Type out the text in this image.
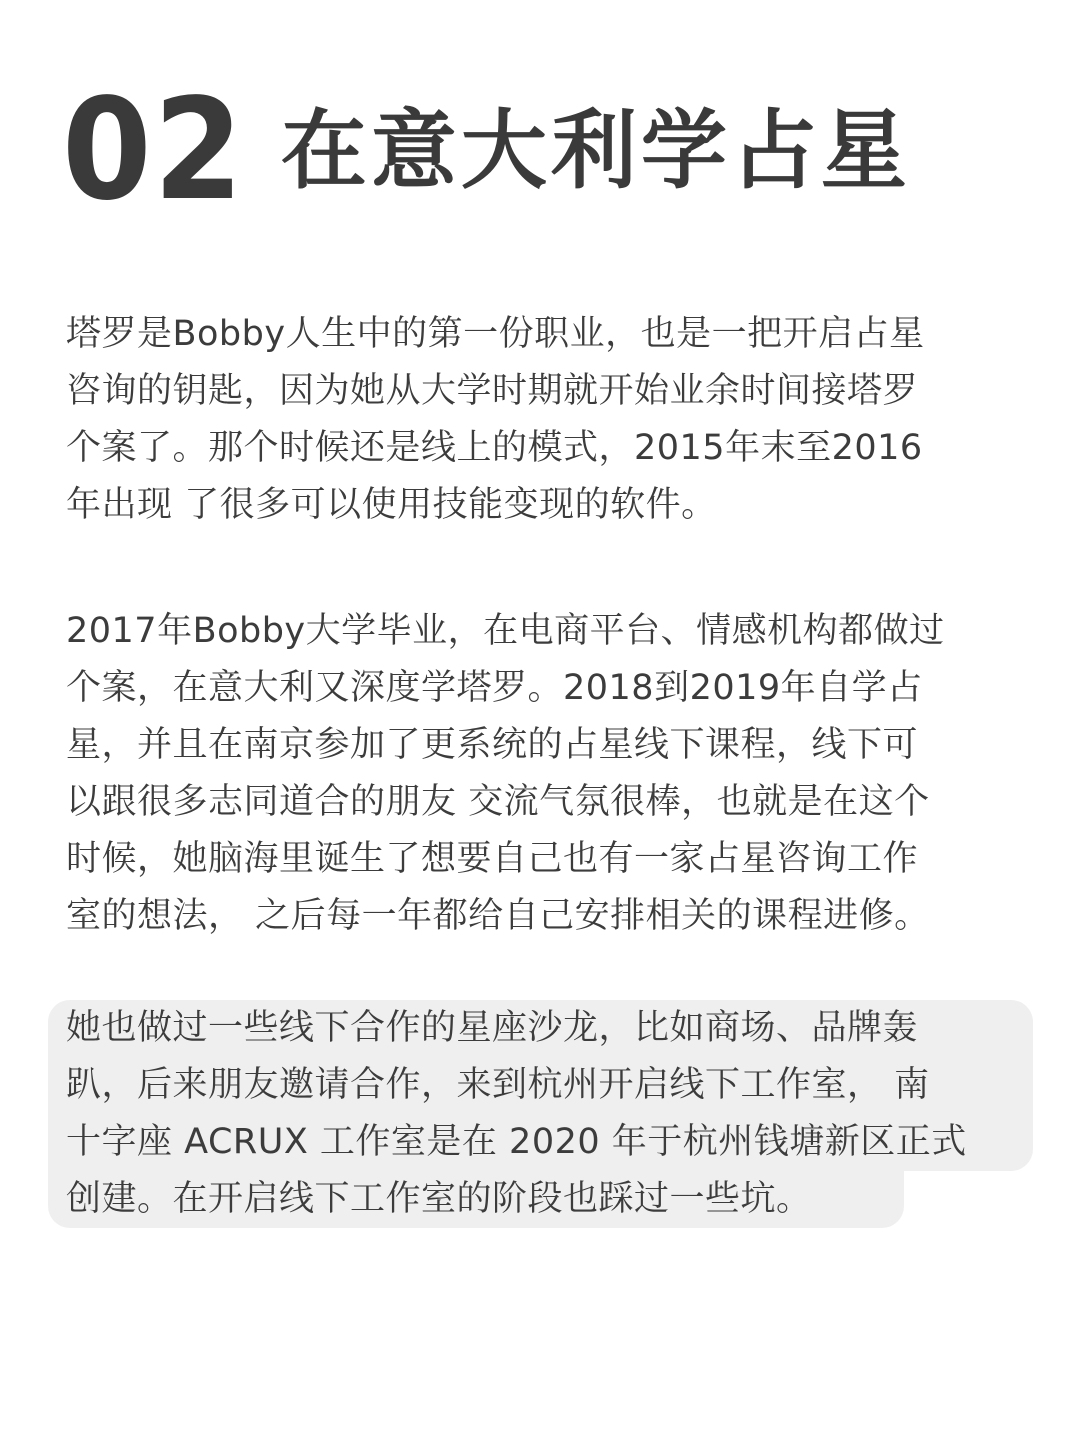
02 在意大利学占星

塔罗是Bobby人生中的第一份职业，也是一把开启占星
咨询的钥匙，因为她从大学时期就开始业余时间接塔罗
个案了。那个时候还是线上的模式，2015年末至2016
年出现 了很多可以使用技能变现的软件。

2017年Bobby大学毕业，在电商平台、情感机构都做过
个案，在意大利又深度学塔罗。2018到2019年自学占
星，并且在南京参加了更系统的占星线下课程，线下可
以跟很多志同道合的朋友 交流气氛很棒，也就是在这个
时候，她脑海里诞生了想要自己也有一家占星咨询工作
室的想法， 之后每一年都给自己安排相关的课程进修。

她也做过一些线下合作的星座沙龙，比如商场、品牌轰
趴，后来朋友邀请合作，来到杭州开启线下工作室， 南
十字座 ACRUX 工作室是在 2020 年于杭州钱塘新区正式
创建。在开启线下工作室的阶段也踩过一些坑。
